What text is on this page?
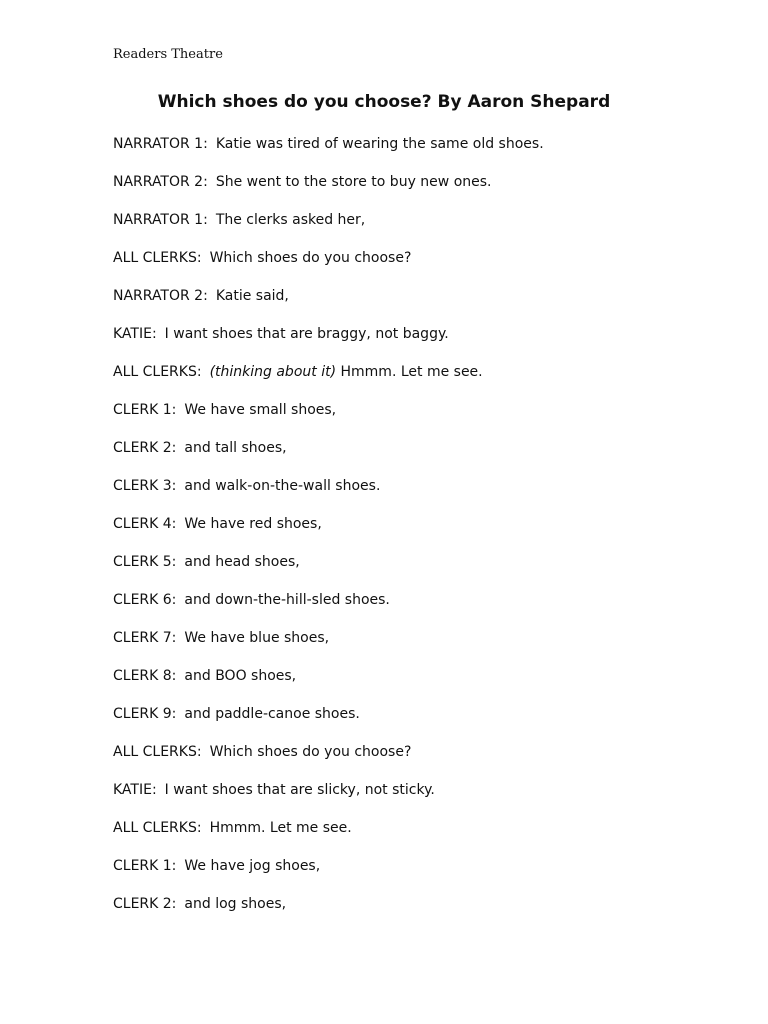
Readers Theatre
Which shoes do you choose? By Aaron Shepard
NARRATOR 1: Katie was tired of wearing the same old shoes.
NARRATOR 2: She went to the store to buy new ones.
NARRATOR 1: The clerks asked her,
ALL CLERKS: Which shoes do you choose?
NARRATOR 2: Katie said,
KATIE: I want shoes that are braggy, not baggy.
ALL CLERKS: (thinking about it) Hmmm. Let me see.
CLERK 1: We have small shoes,
CLERK 2: and tall shoes,
CLERK 3: and walk-on-the-wall shoes.
CLERK 4: We have red shoes,
CLERK 5: and head shoes,
CLERK 6: and down-the-hill-sled shoes.
CLERK 7: We have blue shoes,
CLERK 8: and BOO shoes,
CLERK 9: and paddle-canoe shoes.
ALL CLERKS: Which shoes do you choose?
KATIE: I want shoes that are slicky, not sticky.
ALL CLERKS: Hmmm. Let me see.
CLERK 1: We have jog shoes,
CLERK 2: and log shoes,
